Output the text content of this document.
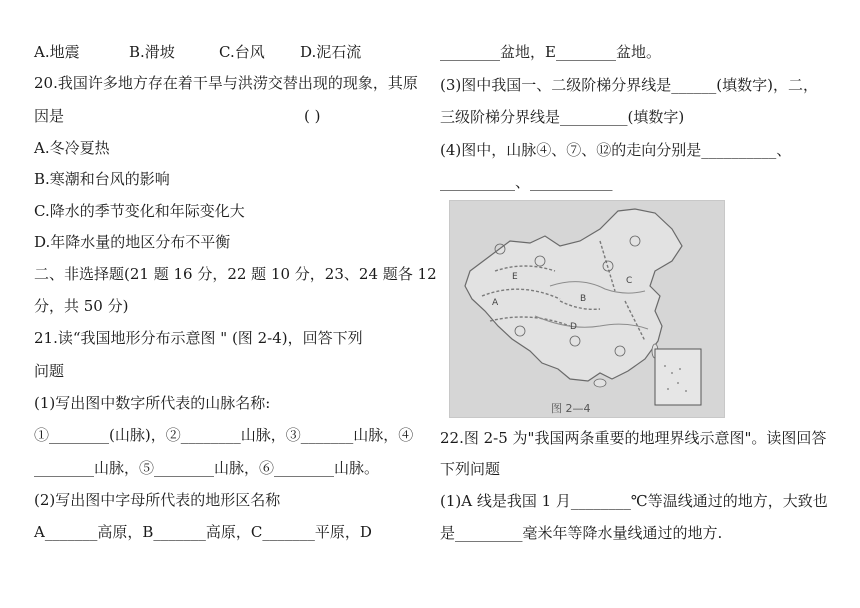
A.地震	B.滑坡	C.台风 D.泥石流
20.我国许多地方存在着干旱与洪涝交替出现的现象，其原
因是	( )
A.冬冷夏热
B.寒潮和台风的影响
C.降水的季节变化和年际变化大
D.年降水量的地区分布不平衡
二、非选择题(21 题 16 分，22 题 10 分，23、24 题各 12
分，共 50 分)
21.读“我国地形分布示意图 " (图 2-4)，回答下列
问题
(1)写出图中数字所代表的山脉名称:
①________(山脉)，②________山脉，③_______山脉，④
________山脉，⑤________山脉，⑥________山脉。
(2)写出图中字母所代表的地形区名称
A_______高原，B_______高原，C_______平原，D
________盆地，E________盆地。
(3)图中我国一、二级阶梯分界线是______(填数字)，二，
三级阶梯分界线是_________(填数字)
(4)图中，山脉④、⑦、⑫的走向分别是__________、
__________、___________
22.图 2-5 为"我国两条重要的地理界线示意图"。读图回答
下列问题
(1)A 线是我国 1 月________℃等温线通过的地方，大致也
是_________毫米年等降水量线通过的地方.
A	B
C
D
E
图 2—4
